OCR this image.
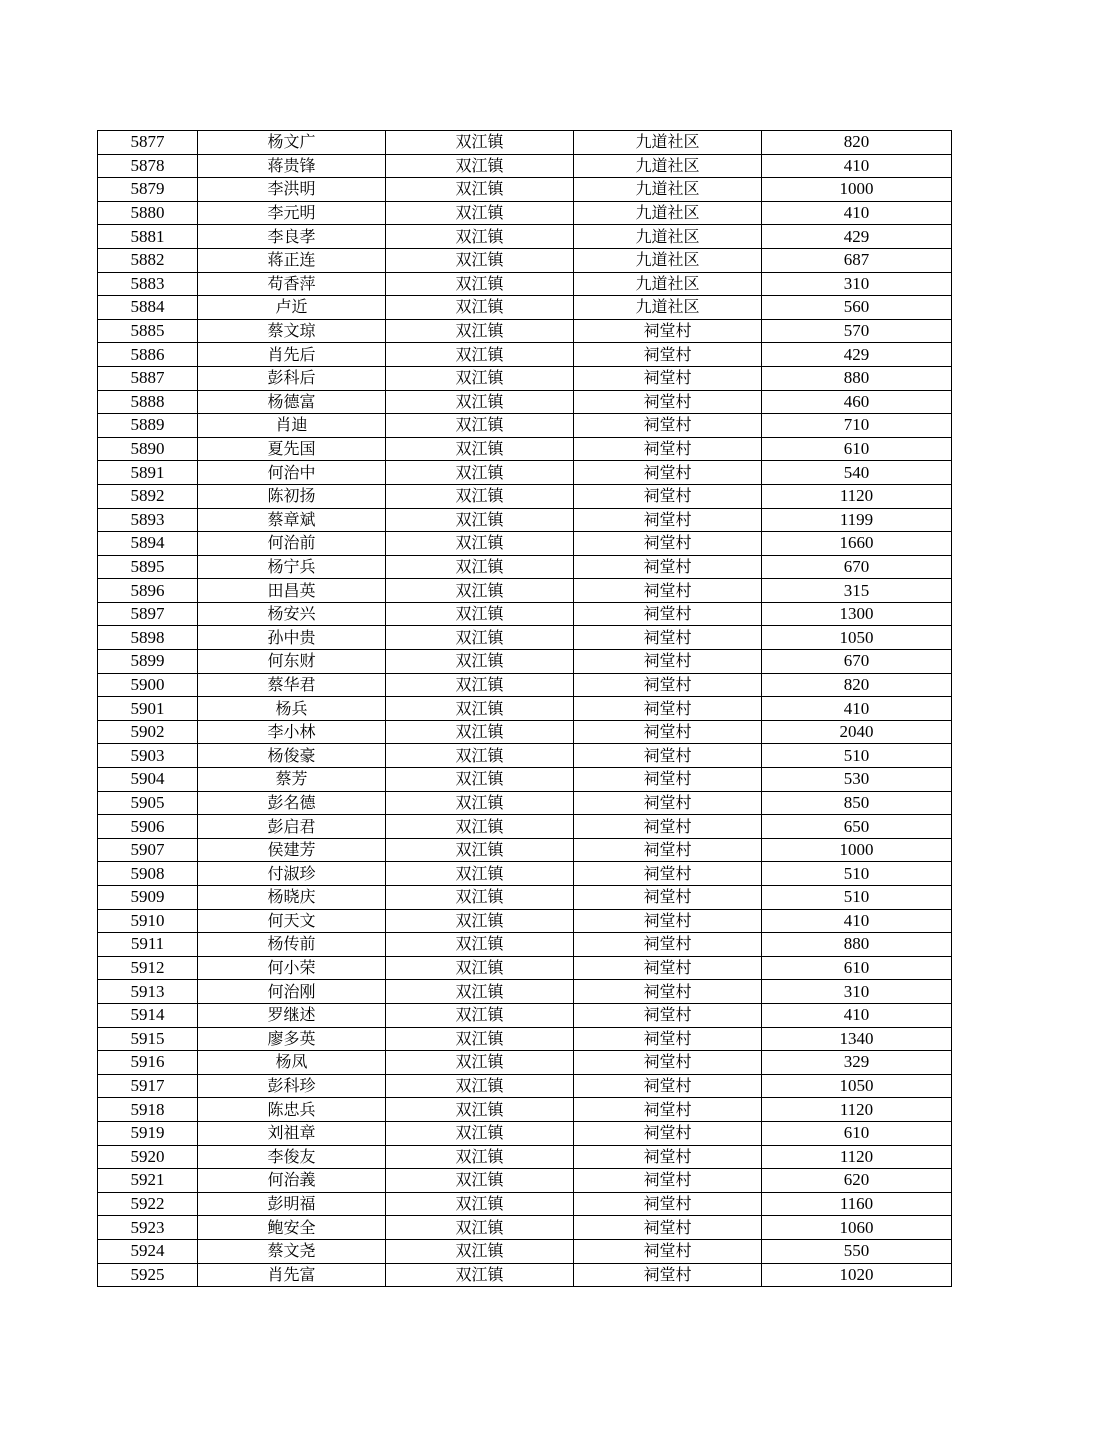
5877	杨文广	双江镇	九道社区	820
5878	蒋贵锋	双江镇	九道社区	410
5879	李洪明	双江镇	九道社区	1000
5880	李元明	双江镇	九道社区	410
5881	李良孝	双江镇	九道社区	429
5882	蒋正连	双江镇	九道社区	687
5883	苟香萍	双江镇	九道社区	310
5884	卢近	双江镇	九道社区	560
5885	蔡文琼	双江镇	祠堂村	570
5886	肖先后	双江镇	祠堂村	429
5887	彭科后	双江镇	祠堂村	880
5888	杨德富	双江镇	祠堂村	460
5889	肖迪	双江镇	祠堂村	710
5890	夏先国	双江镇	祠堂村	610
5891	何治中	双江镇	祠堂村	540
5892	陈初扬	双江镇	祠堂村	1120
5893	蔡章斌	双江镇	祠堂村	1199
5894	何治前	双江镇	祠堂村	1660
5895	杨宁兵	双江镇	祠堂村	670
5896	田昌英	双江镇	祠堂村	315
5897	杨安兴	双江镇	祠堂村	1300
5898	孙中贵	双江镇	祠堂村	1050
5899	何东财	双江镇	祠堂村	670
5900	蔡华君	双江镇	祠堂村	820
5901	杨兵	双江镇	祠堂村	410
5902	李小林	双江镇	祠堂村	2040
5903	杨俊豪	双江镇	祠堂村	510
5904	蔡芳	双江镇	祠堂村	530
5905	彭名德	双江镇	祠堂村	850
5906	彭启君	双江镇	祠堂村	650
5907	侯建芳	双江镇	祠堂村	1000
5908	付淑珍	双江镇	祠堂村	510
5909	杨晓庆	双江镇	祠堂村	510
5910	何天文	双江镇	祠堂村	410
5911	杨传前	双江镇	祠堂村	880
5912	何小荣	双江镇	祠堂村	610
5913	何治刚	双江镇	祠堂村	310
5914	罗继述	双江镇	祠堂村	410
5915	廖多英	双江镇	祠堂村	1340
5916	杨凤	双江镇	祠堂村	329
5917	彭科珍	双江镇	祠堂村	1050
5918	陈忠兵	双江镇	祠堂村	1120
5919	刘祖章	双江镇	祠堂村	610
5920	李俊友	双江镇	祠堂村	1120
5921	何治義	双江镇	祠堂村	620
5922	彭明福	双江镇	祠堂村	1160
5923	鲍安全	双江镇	祠堂村	1060
5924	蔡文尧	双江镇	祠堂村	550
5925	肖先富	双江镇	祠堂村	1020
